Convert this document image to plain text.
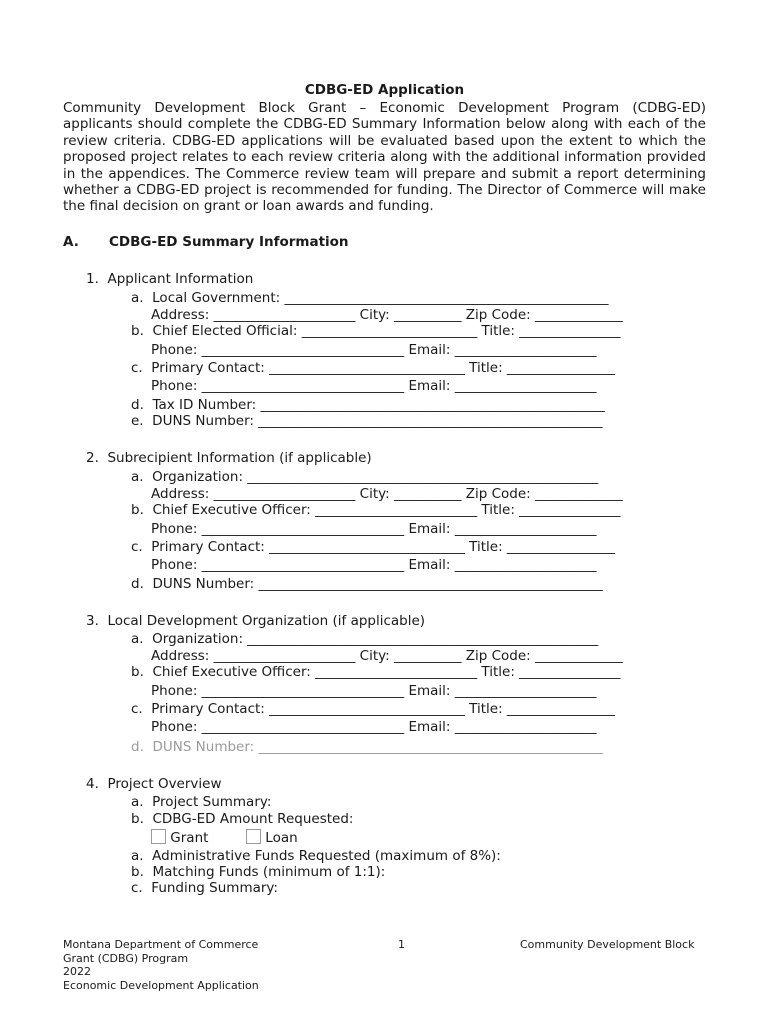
CDBG-ED Application

Community Development Block Grant – Economic Development Program (CDBG-ED) applicants should complete the CDBG-ED Summary Information below along with each of the review criteria. CDBG-ED applications will be evaluated based upon the extent to which the proposed project relates to each review criteria along with the additional information provided in the appendices. The Commerce review team will prepare and submit a report determining whether a CDBG-ED project is recommended for funding. The Director of Commerce will make the final decision on grant or loan awards and funding.

A. CDBG-ED Summary Information
1.  Applicant Information
a.  Local Government: ________________________________________________
Address: _____________________ City: __________ Zip Code: _____________
b.  Chief Elected Official: __________________________ Title: _______________
Phone: ______________________________ Email: _____________________
c.  Primary Contact: _____________________________ Title: ________________
Phone: ______________________________ Email: _____________________
d.  Tax ID Number: ___________________________________________________
e.  DUNS Number: ___________________________________________________
2.  Subrecipient Information (if applicable)
a.  Organization: ____________________________________________________
Address: _____________________ City: __________ Zip Code: _____________
b.  Chief Executive Officer: ________________________ Title: _______________
Phone: ______________________________ Email: _____________________
c.  Primary Contact: _____________________________ Title: ________________
Phone: ______________________________ Email: _____________________
d.  DUNS Number: ___________________________________________________
3.  Local Development Organization (if applicable)
a.  Organization: ____________________________________________________
Address: _____________________ City: __________ Zip Code: _____________
b.  Chief Executive Officer: ________________________ Title: _______________
Phone: ______________________________ Email: _____________________
c.  Primary Contact: _____________________________ Title: ________________
Phone: ______________________________ Email: _____________________
d.  DUNS Number: ___________________________________________________
4.  Project Overview
a.  Project Summary:
b.  CDBG-ED Amount Requested:
Grant	Loan
a.  Administrative Funds Requested (maximum of 8%):
b.  Matching Funds (minimum of 1:1):
c.  Funding Summary:
Montana Department of Commerce
Grant (CDBG) Program
2022
Economic Development Application
1	Community Development Block
